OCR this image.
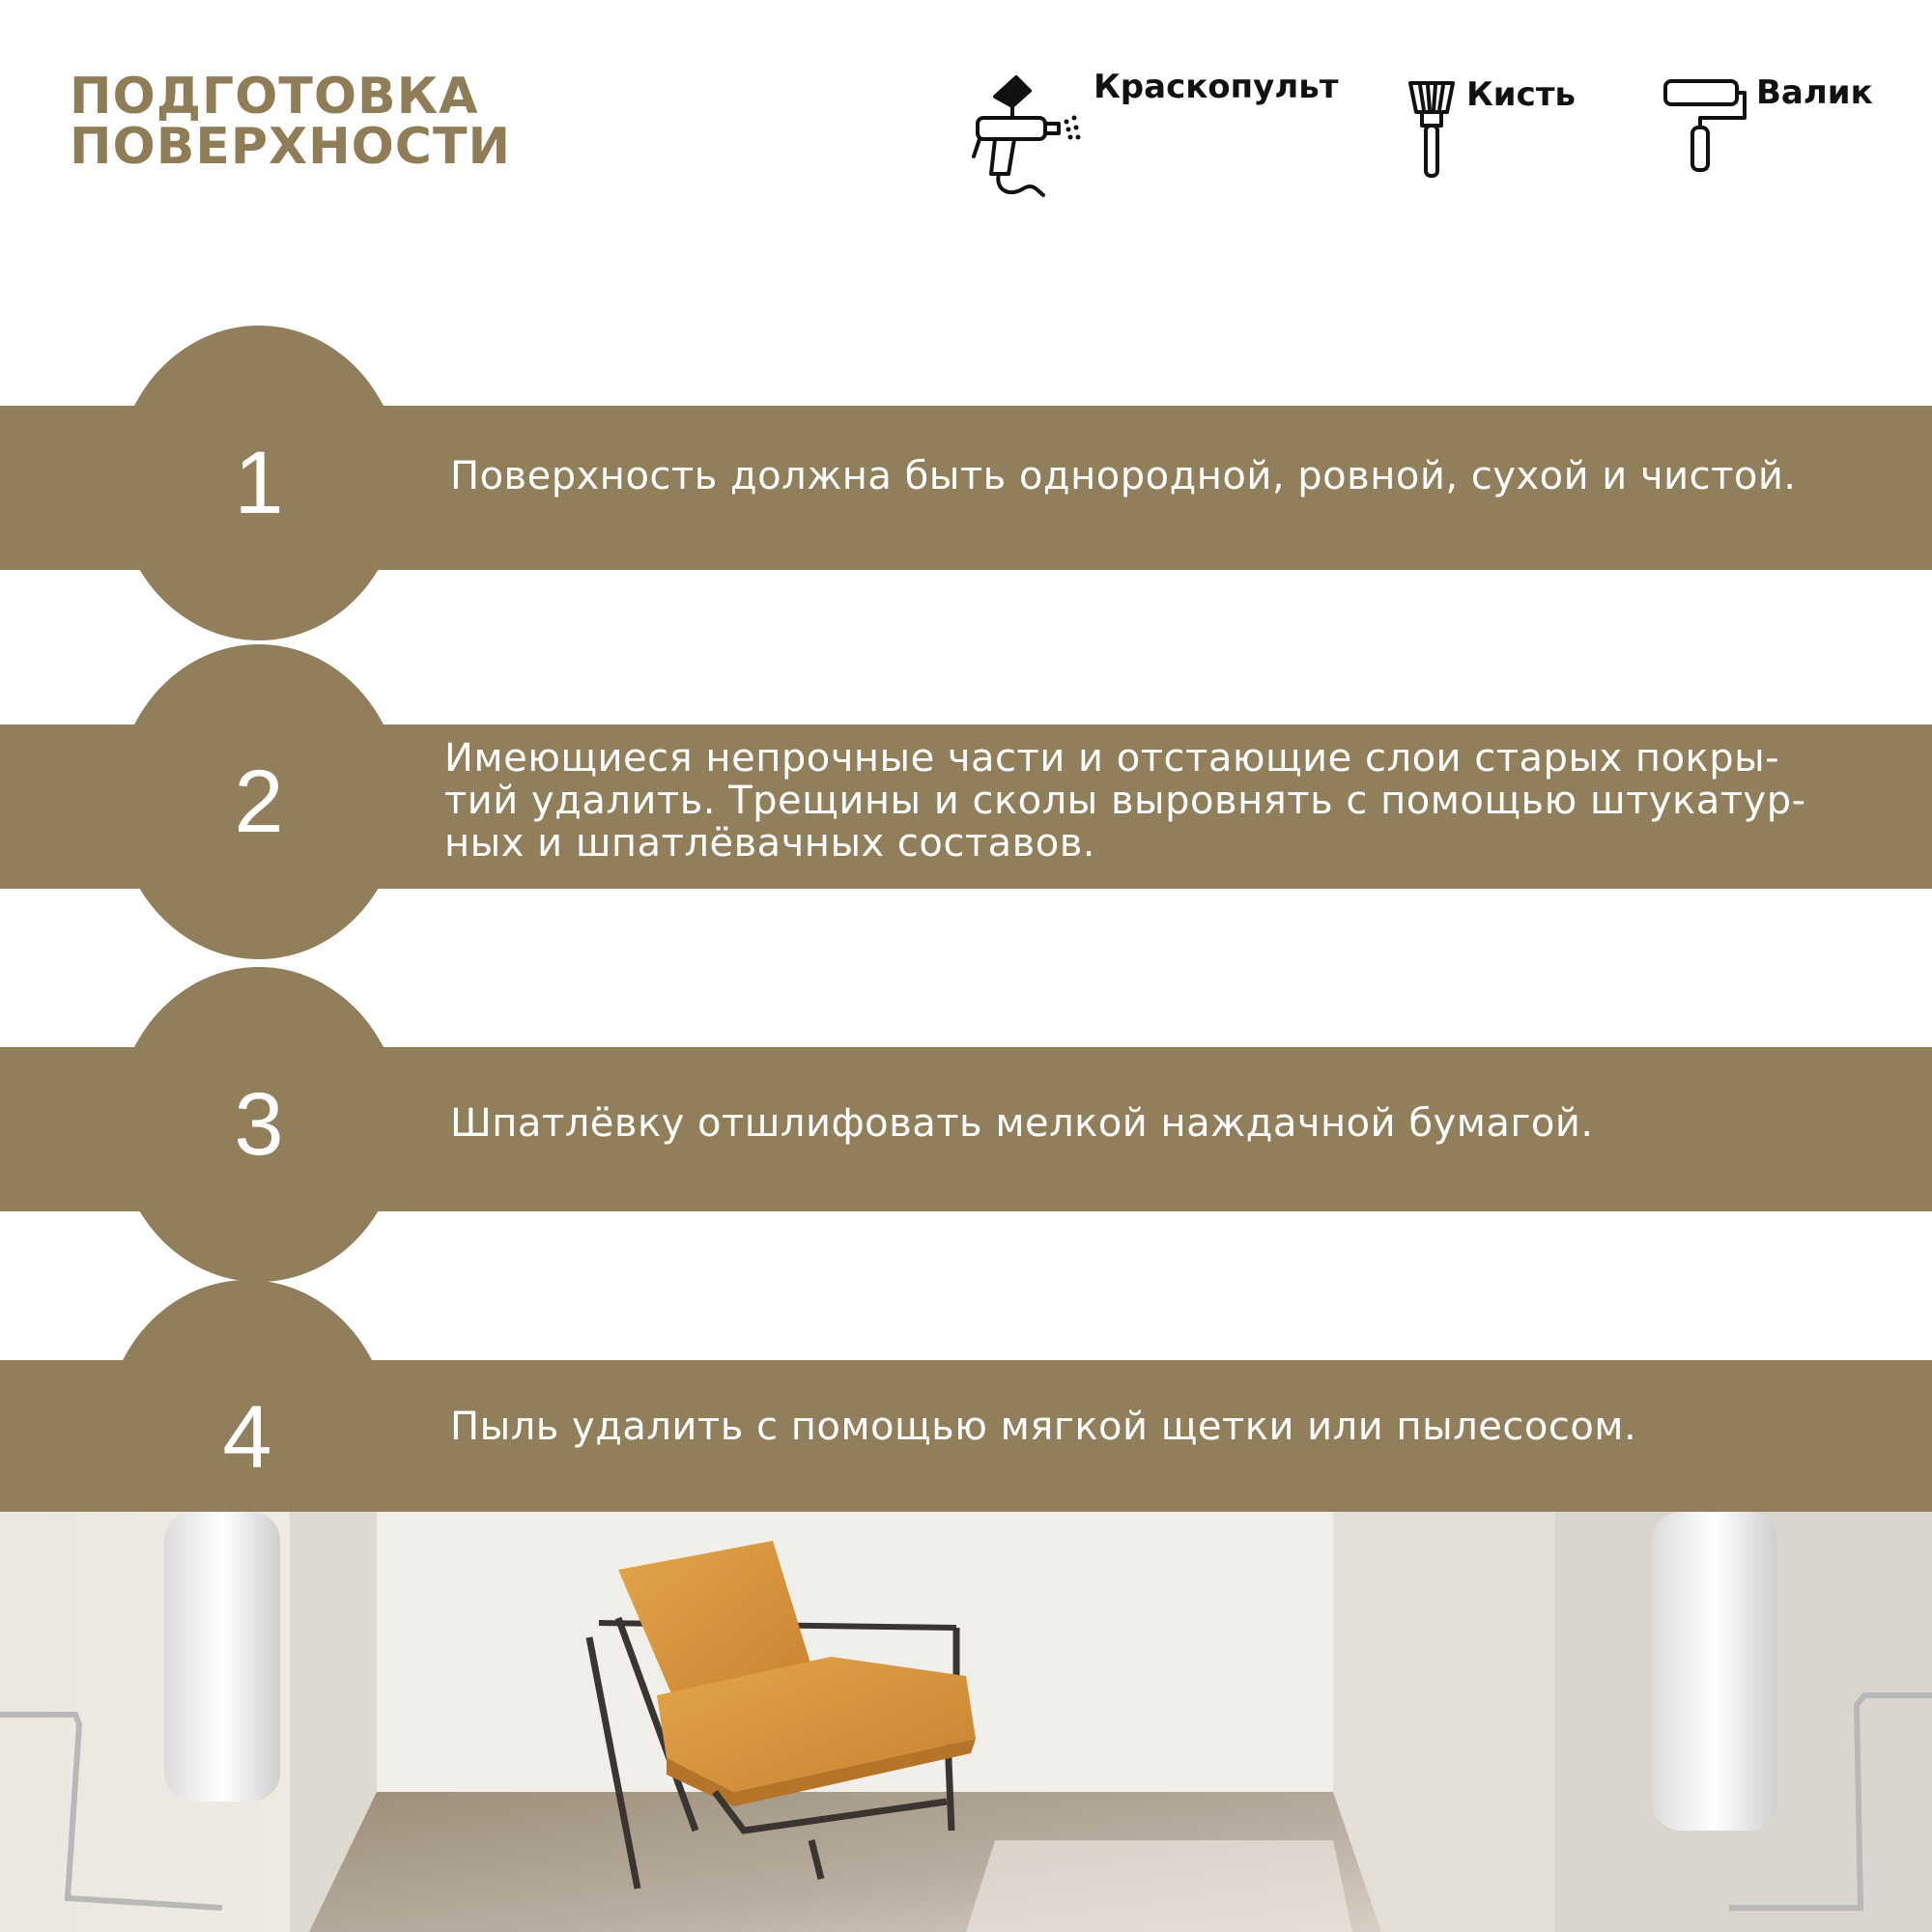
ПОДГОТОВКА
ПОВЕРХНОСТИ
Краскопульт	Кисть	Валик
1	Поверхность должна быть однородной, ровной, сухой и чистой.
2	Имеющиеся непрочные части и отстающие слои старых покры-
тий удалить. Трещины и сколы выровнять с помощью штукатур-
ных и шпатлёвачных составов.
3	Шпатлёвку отшлифовать мелкой наждачной бумагой.
4	Пыль удалить с помощью мягкой щетки или пылесосом.
